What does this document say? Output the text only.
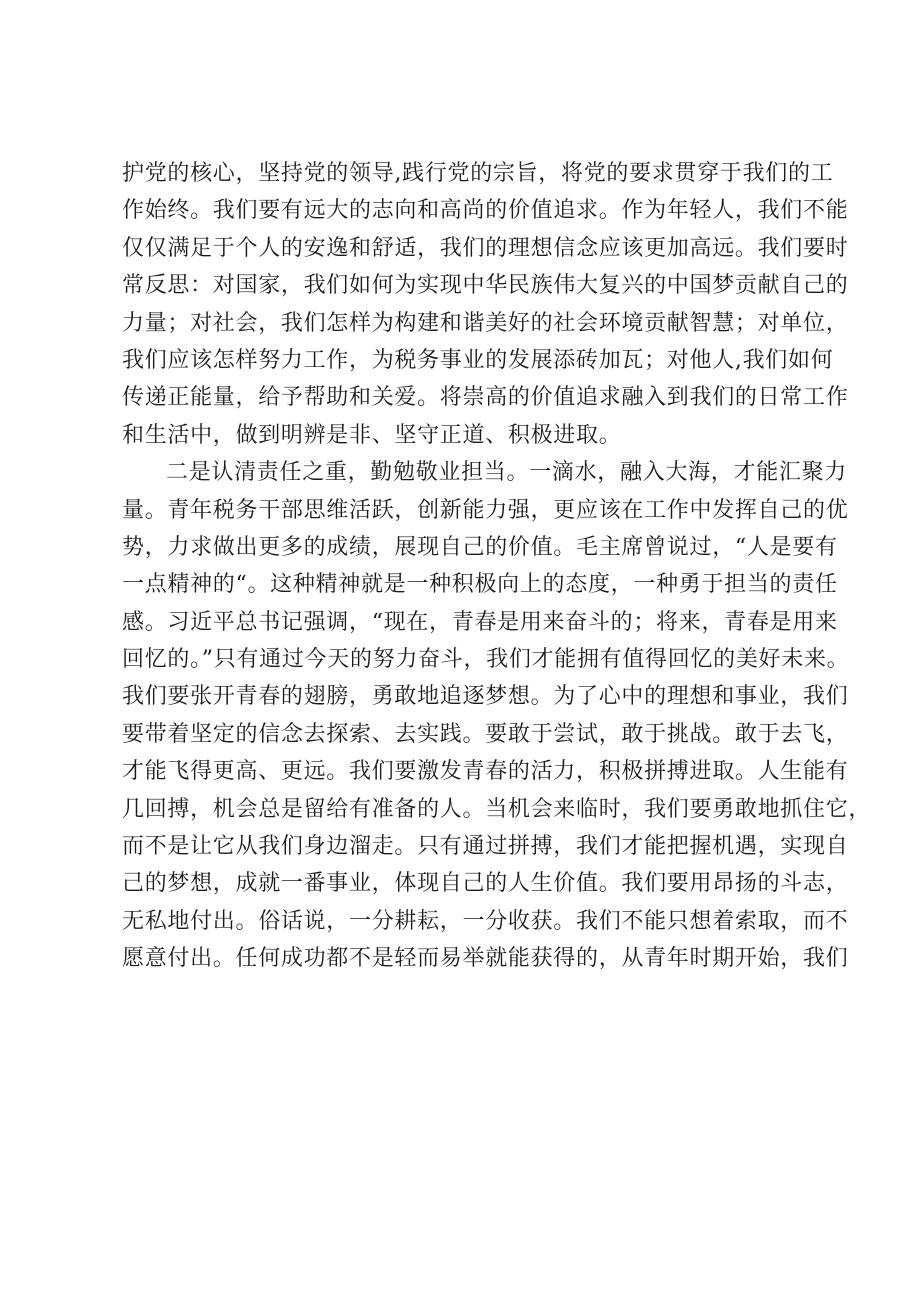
护党的核心，坚持党的领导,践行党的宗旨，将党的要求贯穿于我们的工
作始终。我们要有远大的志向和高尚的价值追求。作为年轻人，我们不能
仅仅满足于个人的安逸和舒适，我们的理想信念应该更加高远。我们要时
常反思：对国家，我们如何为实现中华民族伟大复兴的中国梦贡献自己的
力量；对社会，我们怎样为构建和谐美好的社会环境贡献智慧；对单位，
我们应该怎样努力工作，为税务事业的发展添砖加瓦；对他人,我们如何
传递正能量，给予帮助和关爱。将崇高的价值追求融入到我们的日常工作
和生活中，做到明辨是非、坚守正道、积极进取。
二是认清责任之重，勤勉敬业担当。一滴水，融入大海，才能汇聚力
量。青年税务干部思维活跃，创新能力强，更应该在工作中发挥自己的优
势，力求做出更多的成绩，展现自己的价值。毛主席曾说过，“人是要有
一点精神的“。这种精神就是一种积极向上的态度，一种勇于担当的责任
感。习近平总书记强调，“现在，青春是用来奋斗的；将来，青春是用来
回忆的。”只有通过今天的努力奋斗，我们才能拥有值得回忆的美好未来。
我们要张开青春的翅膀，勇敢地追逐梦想。为了心中的理想和事业，我们
要带着坚定的信念去探索、去实践。要敢于尝试，敢于挑战。敢于去飞，
才能飞得更高、更远。我们要激发青春的活力，积极拼搏进取。人生能有
几回搏，机会总是留给有准备的人。当机会来临时，我们要勇敢地抓住它，
而不是让它从我们身边溜走。只有通过拼搏，我们才能把握机遇，实现自
己的梦想，成就一番事业，体现自己的人生价值。我们要用昂扬的斗志，
无私地付出。俗话说，一分耕耘，一分收获。我们不能只想着索取，而不
愿意付出。任何成功都不是轻而易举就能获得的，从青年时期开始，我们
